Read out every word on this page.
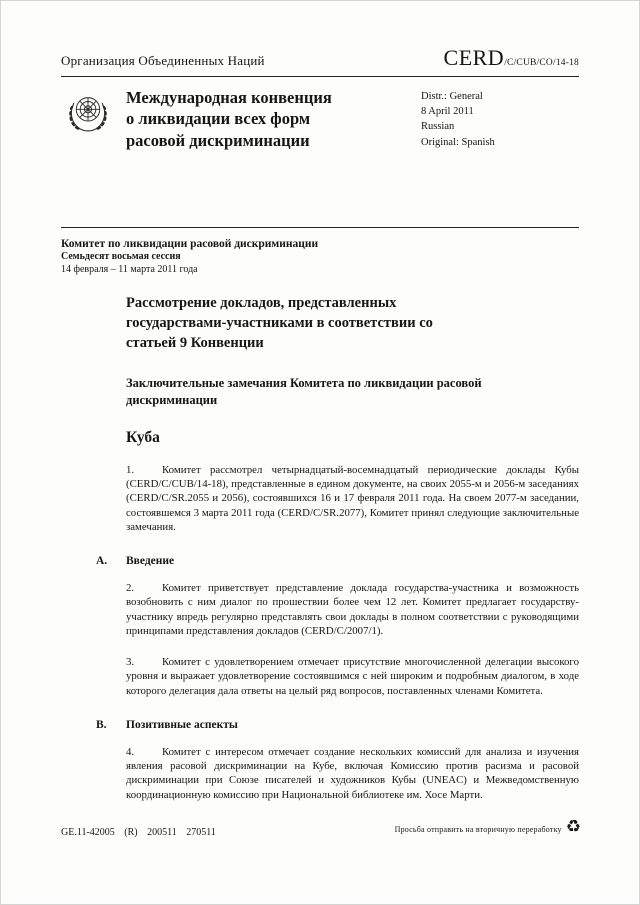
Организация Объединенных Наций	CERD/C/CUB/CO/14-18
Международная конвенция
о ликвидации всех форм
расовой дискриминации
Distr.: General
8 April 2011
Russian
Original: Spanish
Комитет по ликвидации расовой дискриминации
Семьдесят восьмая сессия
14 февраля – 11 марта 2011 года
Рассмотрение докладов, представленных государствами-участниками в соответствии со статьей 9 Конвенции
Заключительные замечания Комитета по ликвидации расовой дискриминации
Куба

1.	Комитет рассмотрел четырнадцатый-восемнадцатый периодические доклады Кубы (CERD/C/CUB/14-18), представленные в едином документе, на своих 2055-м и 2056-м заседаниях (CERD/C/SR.2055 и 2056), состоявшихся 16 и 17 февраля 2011 года. На своем 2077-м заседании, состоявшемся 3 марта 2011 года (CERD/C/SR.2077), Комитет принял следующие заключительные замечания.

A. Введение

2.	Комитет приветствует представление доклада государства-участника и возможность возобновить с ним диалог по прошествии более чем 12 лет. Комитет предлагает государству-участнику впредь регулярно представлять свои доклады в полном соответствии с руководящими принципами представления докладов (CERD/C/2007/1).

3.	Комитет с удовлетворением отмечает присутствие многочисленной делегации высокого уровня и выражает удовлетворение состоявшимся с ней широким и подробным диалогом, в ходе которого делегация дала ответы на целый ряд вопросов, поставленных членами Комитета.

B. Позитивные аспекты

4.	Комитет с интересом отмечает создание нескольких комиссий для анализа и изучения явления расовой дискриминации на Кубе, включая Комиссию против расизма и расовой дискриминации при Союзе писателей и художников Кубы (UNEAC) и Межведомственную координационную комиссию при Национальной библиотеке им. Хосе Марти.

GE.11-42005 (R) 200511 270511	Просьба отправить на вторичную переработку ♻
